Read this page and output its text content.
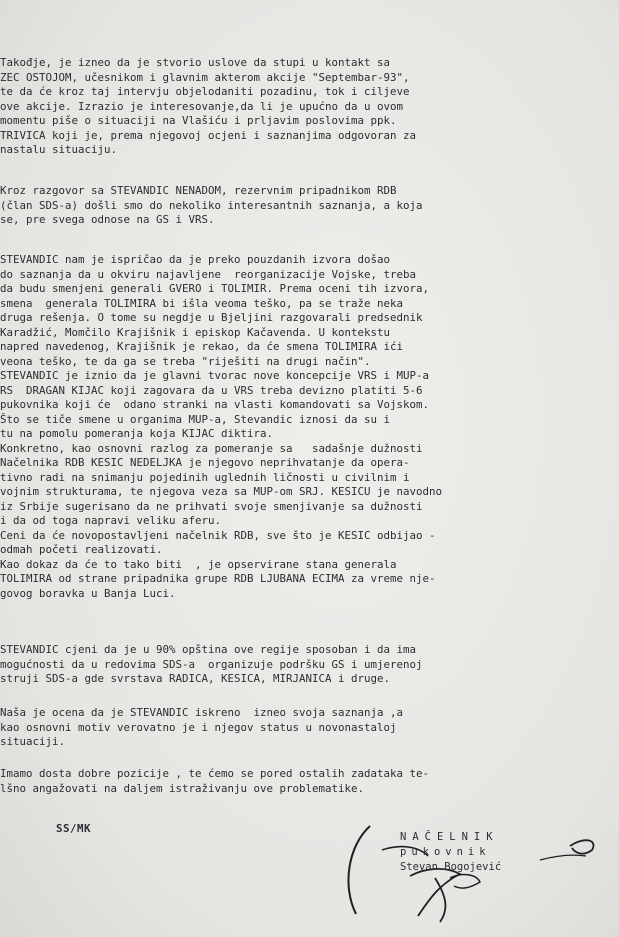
Takođje, je izneo da je stvorio uslove da stupi u kontakt sa
ZEC OSTOJOM, učesnikom i glavnim akterom akcije "Septembar-93",
te da će kroz taj intervju objelodaniti pozadinu, tok i ciljeve
ove akcije. Izrazio je interesovanje,da li je upućno da u ovom
momentu piše o situaciji na Vlašiću i prljavim poslovima ppk.
TRIVICA koji je, prema njegovoj ocjeni i saznanjima odgovoran za
nastalu situaciju.

Kroz razgovor sa STEVANDIC NENADOM, rezervnim pripadnikom RDB
(član SDS-a) došli smo do nekoliko interesantnih saznanja, a koja
se, pre svega odnose na GS i VRS.

STEVANDIC nam je ispričao da je preko pouzdanih izvora došao
do saznanja da u okviru najavljene  reorganizacije Vojske, treba
da budu smenjeni generali GVERO i TOLIMIR. Prema oceni tih izvora,
smena  generala TOLIMIRA bi išla veoma teško, pa se traže neka
druga rešenja. O tome su negdje u Bjeljini razgovarali predsednik
Karadžić, Momčilo Krajišnik i episkop Kačavenda. U kontekstu
napred navedenog, Krajišnik je rekao, da će smena TOLIMIRA ići
veona teško, te da ga se treba "riješiti na drugi način".
STEVANDIC je iznio da je glavni tvorac nove koncepcije VRS i MUP-a
RS  DRAGAN KIJAC koji zagovara da u VRS treba devizno platiti 5-6
pukovnika koji će  odano stranki na vlasti komandovati sa Vojskom.
Što se tiče smene u organima MUP-a, Stevandic iznosi da su i
tu na pomolu pomeranja koja KIJAC diktira.
Konkretno, kao osnovni razlog za pomeranje sa   sadašnje dužnosti
Načelnika RDB KESIC NEDELJKA je njegovo neprihvatanje da opera-
tivno radi na snimanju pojedinih uglednih ličnosti u civilnim i
vojnim strukturama, te njegova veza sa MUP-om SRJ. KESICU je navodno
iz Srbije sugerisano da ne prihvati svoje smenjivanje sa dužnosti
i da od toga napravi veliku aferu.
Ceni da će novopostavljeni načelnik RDB, sve što je KESIC odbijao -
odmah početi realizovati.
Kao dokaz da će to tako biti  , je opservirane stana generala
TOLIMIRA od strane pripadnika grupe RDB LJUBANA ECIMA za vreme nje-
govog boravka u Banja Luci.

STEVANDIC cjeni da je u 90% opština ove regije sposoban i da ima
mogućnosti da u redovima SDS-a  organizuje podršku GS i umjerenoj
struji SDS-a gde svrstava RADICA, KESICA, MIRJANICA i druge.

Naša je ocena da je STEVANDIC iskreno  izneo svoja saznanja ,a
kao osnovni motiv verovatno je i njegov status u novonastaloj
situaciji.

Imamo dosta dobre pozicije , te ćemo se pored ostalih zadataka te-
lšno angažovati na daljem istraživanju ove problematike.

SS/MK
NAČELNIK
pukovnik
Stevan Bogojević
